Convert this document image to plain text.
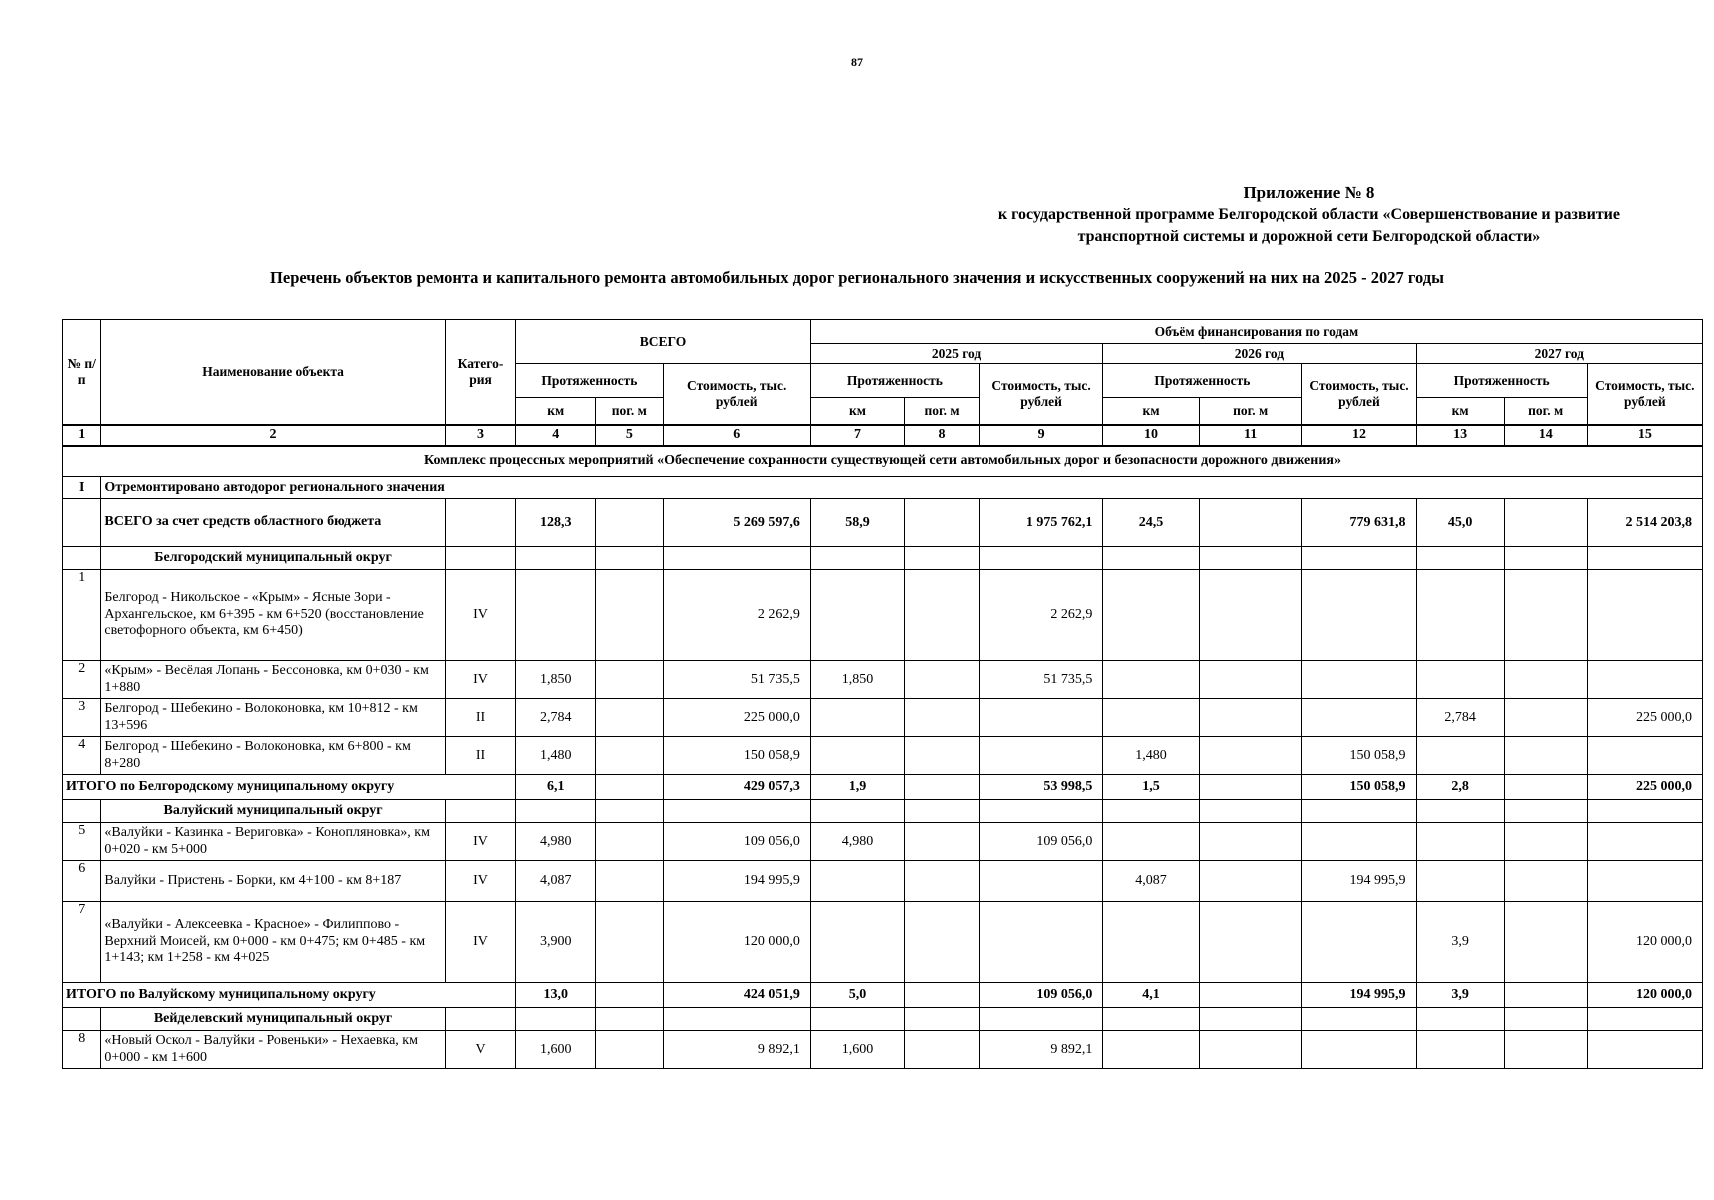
87
Приложение № 8
к государственной программе Белгородской области «Совершенствование и развитие
транспортной системы и дорожной сети Белгородской области»
Перечень объектов ремонта и капитального ремонта автомобильных дорог регионального значения и искусственных сооружений на них на 2025 - 2027 годы
№ п/п	Наименование объекта	Катего-рия	ВСЕГО			Объём финансирования по годам								
						2025 год			2026 год			2027 год		
			Протяженность		Стоимость, тыс. рублей	Протяженность		Стоимость, тыс. рублей	Протяженность		Стоимость, тыс. рублей	Протяженность		Стоимость, тыс. рублей
			км	пог. м		км	пог. м		км	пог. м		км	пог. м	
1	2	3	4	5	6	7	8	9	10	11	12	13	14	15
Комплекс процессных мероприятий «Обеспечение сохранности существующей сети автомобильных дорог и безопасности дорожного движения»														
I	Отремонтировано автодорог регионального значения													
	ВСЕГО за счет средств областного бюджета		128,3		5 269 597,6	58,9		1 975 762,1	24,5		779 631,8	45,0		2 514 203,8
	Белгородский муниципальный округ													
1	Белгород - Никольское - «Крым» - Ясные Зори - Архангельское, км 6+395 - км 6+520 (восстановление светофорного объекта, км 6+450)	IV			2 262,9			2 262,9						
2	«Крым» - Весёлая Лопань - Бессоновка, км 0+030 - км 1+880	IV	1,850		51 735,5	1,850		51 735,5						
3	Белгород - Шебекино - Волоконовка, км 10+812 - км 13+596	II	2,784		225 000,0							2,784		225 000,0
4	Белгород - Шебекино - Волоконовка, км 6+800 - км 8+280	II	1,480		150 058,9				1,480		150 058,9			
ИТОГО по Белгородскому муниципальному округу			6,1		429 057,3	1,9		53 998,5	1,5		150 058,9	2,8		225 000,0
	Валуйский муниципальный округ													
5	«Валуйки - Казинка - Вериговка» - Конопляновка», км 0+020 - км 5+000	IV	4,980		109 056,0	4,980		109 056,0						
6	Валуйки - Пристень - Борки, км 4+100 - км 8+187	IV	4,087		194 995,9				4,087		194 995,9			
7	«Валуйки - Алексеевка - Красное» - Филиппово - Верхний Моисей, км 0+000 - км 0+475; км 0+485 - км 1+143; км 1+258 - км 4+025	IV	3,900		120 000,0							3,9		120 000,0
ИТОГО по Валуйскому муниципальному округу			13,0		424 051,9	5,0		109 056,0	4,1		194 995,9	3,9		120 000,0
	Вейделевский муниципальный округ													
8	«Новый Оскол - Валуйки - Ровеньки» - Нехаевка, км 0+000 - км 1+600	V	1,600		9 892,1	1,600		9 892,1						
